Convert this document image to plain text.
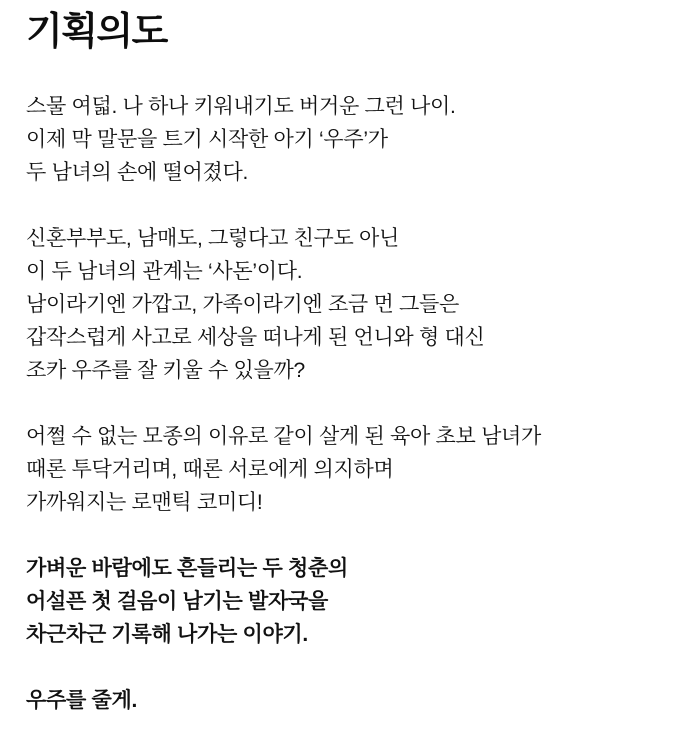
기획의도

스물 여덟. 나 하나 키워내기도 버거운 그런 나이.
이제 막 말문을 트기 시작한 아기 ‘우주’가
두 남녀의 손에 떨어졌다.

신혼부부도, 남매도, 그렇다고 친구도 아닌
이 두 남녀의 관계는 ‘사돈’이다.
남이라기엔 가깝고, 가족이라기엔 조금 먼 그들은
갑작스럽게 사고로 세상을 떠나게 된 언니와 형 대신
조카 우주를 잘 키울 수 있을까?

어쩔 수 없는 모종의 이유로 같이 살게 된 육아 초보 남녀가
때론 투닥거리며, 때론 서로에게 의지하며
가까워지는 로맨틱 코미디!

가벼운 바람에도 흔들리는 두 청춘의
어설픈 첫 걸음이 남기는 발자국을
차근차근 기록해 나가는 이야기.

우주를 줄게.
